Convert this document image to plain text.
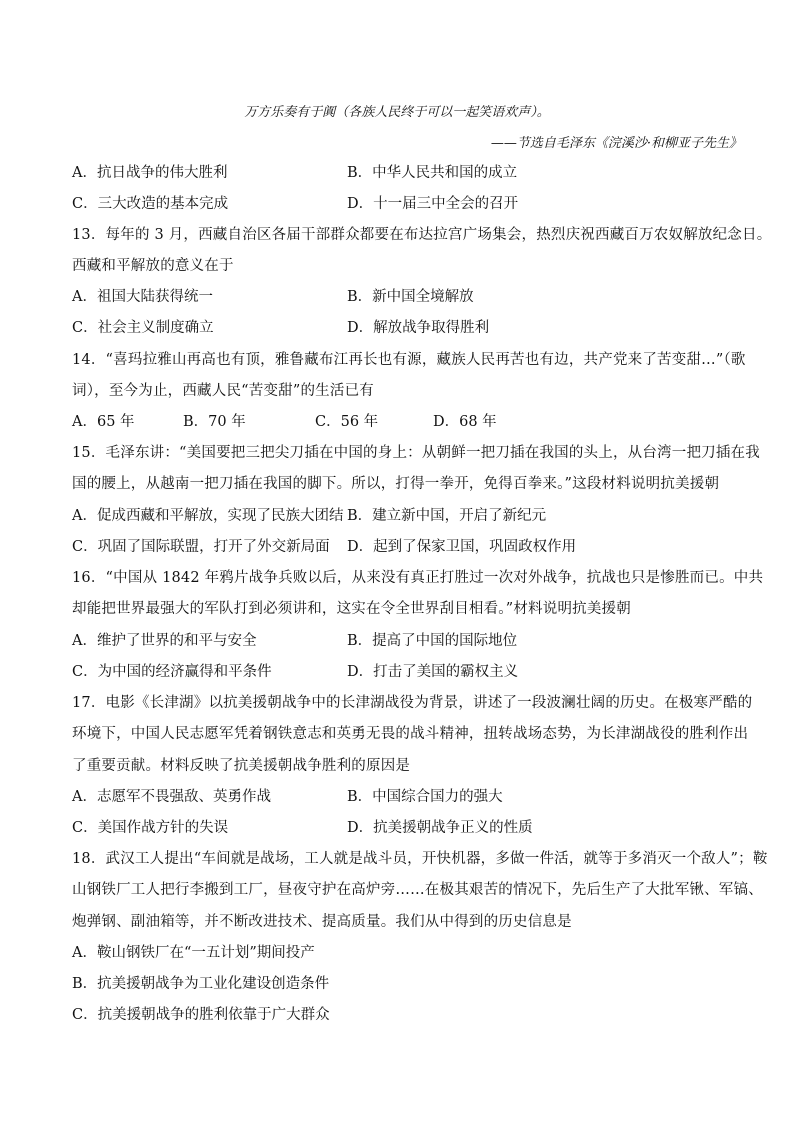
万方乐奏有于阗（各族人民终于可以一起笑语欢声）。
——节选自毛泽东《浣溪沙·和柳亚子先生》
A．抗日战争的伟大胜利	B．中华人民共和国的成立
C．三大改造的基本完成	D．十一届三中全会的召开
13．每年的 3 月，西藏自治区各届干部群众都要在布达拉宫广场集会，热烈庆祝西藏百万农奴解放纪念日。
西藏和平解放的意义在于
A．祖国大陆获得统一	B．新中国全境解放
C．社会主义制度确立	D．解放战争取得胜利
14．“喜玛拉雅山再高也有顶，雅鲁藏布江再长也有源，藏族人民再苦也有边，共产党来了苦变甜…”（歌
词），至今为止，西藏人民“苦变甜”的生活已有
A．65 年	B．70 年	C．56 年	D．68 年
15．毛泽东讲：“美国要把三把尖刀插在中国的身上：从朝鲜一把刀插在我国的头上，从台湾一把刀插在我
国的腰上，从越南一把刀插在我国的脚下。所以，打得一拳开，免得百拳来。”这段材料说明抗美援朝
A．促成西藏和平解放，实现了民族大团结 B．建立新中国，开启了新纪元
C．巩固了国际联盟，打开了外交新局面 D．起到了保家卫国，巩固政权作用
16．“中国从 1842 年鸦片战争兵败以后，从来没有真正打胜过一次对外战争，抗战也只是惨胜而已。中共
却能把世界最强大的军队打到必须讲和，这实在令全世界刮目相看。”材料说明抗美援朝
A．维护了世界的和平与安全	B．提高了中国的国际地位
C．为中国的经济赢得和平条件	D．打击了美国的霸权主义
17．电影《长津湖》以抗美援朝战争中的长津湖战役为背景，讲述了一段波澜壮阔的历史。在极寒严酷的
环境下，中国人民志愿军凭着钢铁意志和英勇无畏的战斗精神，扭转战场态势，为长津湖战役的胜利作出
了重要贡献。材料反映了抗美援朝战争胜利的原因是
A．志愿军不畏强敌、英勇作战	B．中国综合国力的强大
C．美国作战方针的失误	D．抗美援朝战争正义的性质
18．武汉工人提出“车间就是战场，工人就是战斗员，开快机器，多做一件活，就等于多消灭一个敌人”；鞍
山钢铁厂工人把行李搬到工厂，昼夜守护在高炉旁……在极其艰苦的情况下，先后生产了大批军锹、军镐、
炮弹钢、副油箱等，并不断改进技术、提高质量。我们从中得到的历史信息是
A．鞍山钢铁厂在“一五计划”期间投产
B．抗美援朝战争为工业化建设创造条件
C．抗美援朝战争的胜利依靠于广大群众
